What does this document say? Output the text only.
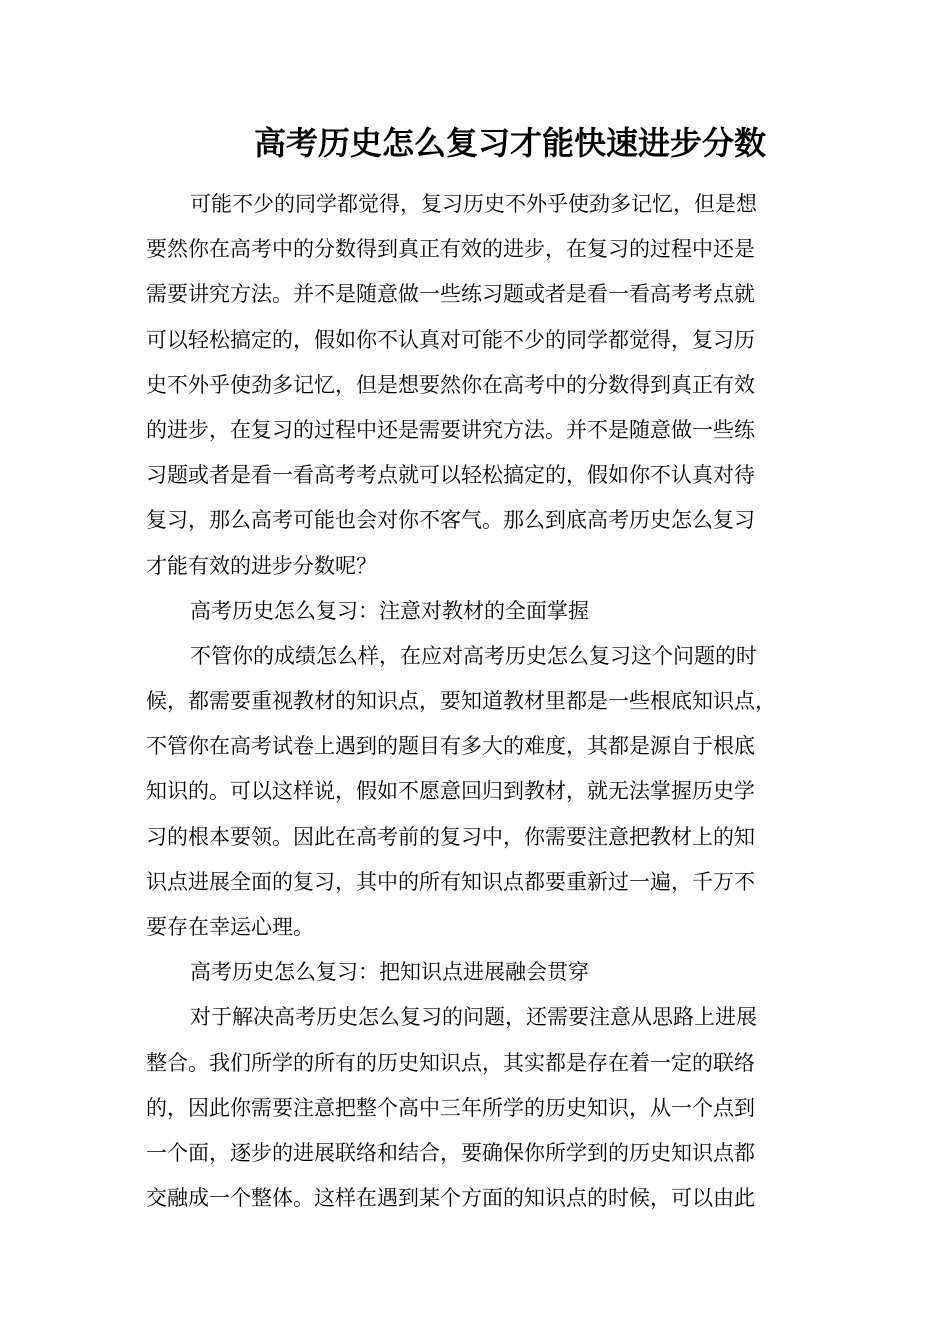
高考历史怎么复习才能快速进步分数
可能不少的同学都觉得，复习历史不外乎使劲多记忆，但是想
要然你在高考中的分数得到真正有效的进步，在复习的过程中还是
需要讲究方法。并不是随意做一些练习题或者是看一看高考考点就
可以轻松搞定的，假如你不认真对可能不少的同学都觉得，复习历
史不外乎使劲多记忆，但是想要然你在高考中的分数得到真正有效
的进步，在复习的过程中还是需要讲究方法。并不是随意做一些练
习题或者是看一看高考考点就可以轻松搞定的，假如你不认真对待
复习，那么高考可能也会对你不客气。那么到底高考历史怎么复习
才能有效的进步分数呢？
高考历史怎么复习：注意对教材的全面掌握
不管你的成绩怎么样，在应对高考历史怎么复习这个问题的时
候，都需要重视教材的知识点，要知道教材里都是一些根底知识点，
不管你在高考试卷上遇到的题目有多大的难度，其都是源自于根底
知识的。可以这样说，假如不愿意回归到教材，就无法掌握历史学
习的根本要领。因此在高考前的复习中，你需要注意把教材上的知
识点进展全面的复习，其中的所有知识点都要重新过一遍，千万不
要存在幸运心理。
高考历史怎么复习：把知识点进展融会贯穿
对于解决高考历史怎么复习的问题，还需要注意从思路上进展
整合。我们所学的所有的历史知识点，其实都是存在着一定的联络
的，因此你需要注意把整个高中三年所学的历史知识，从一个点到
一个面，逐步的进展联络和结合，要确保你所学到的历史知识点都
交融成一个整体。这样在遇到某个方面的知识点的时候，可以由此
